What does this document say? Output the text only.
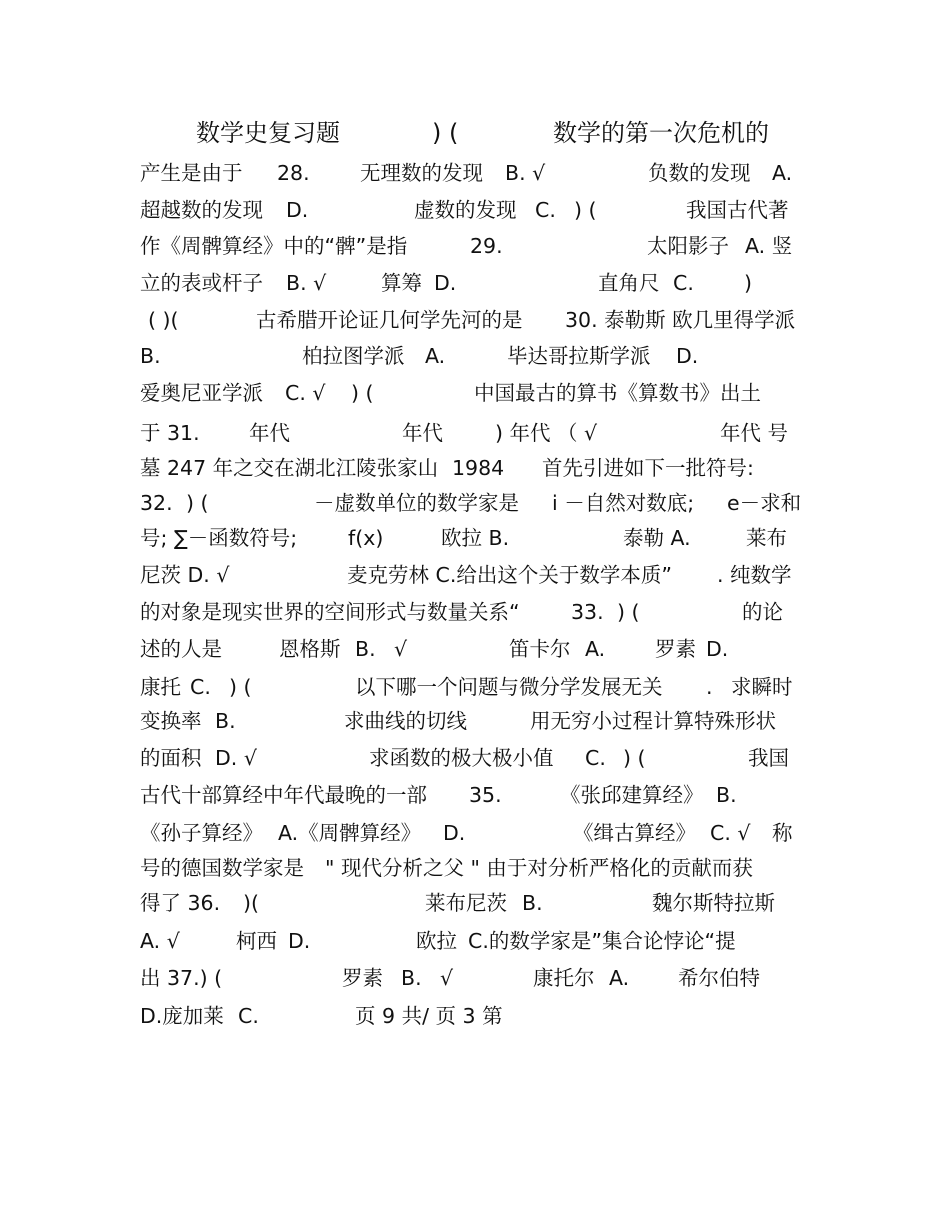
数学史复习题	) (	数学的第一次危机的
产生是由于 28. 无理数的发现 B. √	负数的发现 A.
超越数的发现 D.	虚数的发现 C. ) (	我国古代著
作《周髀算经》中的“髀”是指	29.	太阳影子 A. 竖
立的表或杆子 B. √	算筹 D.	直角尺 C. )
( )(	古希腊开论证几何学先河的是 30. 泰勒斯 欧几里得学派
B.	柏拉图学派 A.	毕达哥拉斯学派 D.
爱奥尼亚学派 C. √ ) (	中国最古的算书《算数书》出土
于 31. 年代	年代	) 年代 （ √	年代 号
墓 247 年之交在湖北江陵张家山 1984 首先引进如下一批符号:
32. ) (	－虚数单位的数学家是 i －自然对数底; e－求和
号; ∑－函数符号; f(x)	欧拉 B.	泰勒 A.	莱布
尼茨 D. √	麦克劳林 C.给出这个关于数学本质” . 纯数学
的对象是现实世界的空间形式与数量关系“	33. ) (	的论
述的人是	恩格斯 B. √	笛卡尔 A. 罗素 D.
康托 C. ) (	以下哪一个问题与微分学发展无关 . 求瞬时
变换率 B.	求曲线的切线	用无穷小过程计算特殊形状
的面积 D. √	求函数的极大极小值 C. ) (	我国
古代十部算经中年代最晚的一部 35.	《张邱建算经》 B.
《孙子算经》 A.《周髀算经》 D.	《缉古算经》 C. √ 称
号的德国数学家是 " 现代分析之父 " 由于对分析严格化的贡献而获
得了 36. )(	莱布尼茨 B.	魏尔斯特拉斯
A. √	柯西 D.	欧拉 C.的数学家是”集合论悖论“提
出 37.) (	罗素 B. √	康托尔 A. 希尔伯特
D.庞加莱 C.	页 9 共/ 页 3 第
